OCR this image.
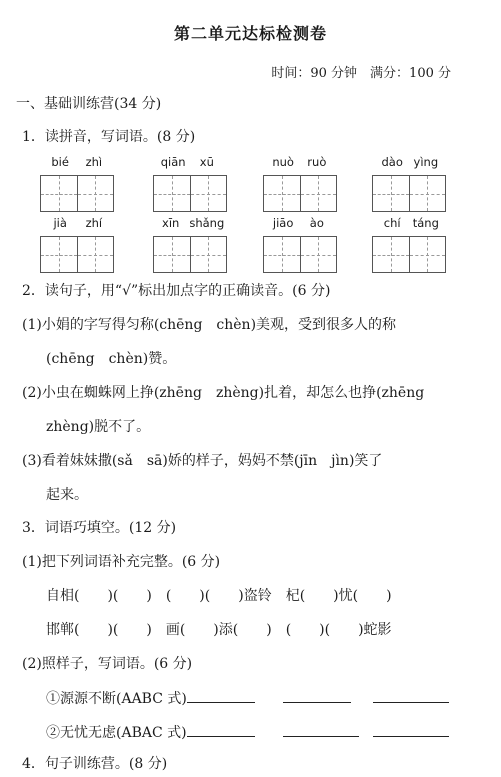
第二单元达标检测卷
时间：90 分钟　满分：100 分
一、基础训练营(34 分)
1．读拼音，写词语。(8 分)
bié zhì	qiān xū	nuò ruò	dào yìng
jià zhí	xīn shǎng	jiāo ào	chí táng
2．读句子，用“√”标出加点字的正确读音。(6 分)
(1)小娟的字写得匀称(chēng　chèn)美观，受到很多人的称
(chēng　chèn)赞。
(2)小虫在蜘蛛网上挣(zhēng　zhèng)扎着，却怎么也挣(zhēng
zhèng)脱不了。
(3)看着妹妹撒(sǎ　sā)娇的样子，妈妈不禁(jīn　jìn)笑了
起来。
3．词语巧填空。(12 分)
(1)把下列词语补充完整。(6 分)
自相(　　)(　　)　(　　)(　　)盗铃　杞(　　)忧(　　)
邯郸(　　)(　　)　画(　　)添(　　)　(　　)(　　)蛇影
(2)照样子，写词语。(6 分)
①源源不断(AABC 式)
②无忧无虑(ABAC 式)
4．句子训练营。(8 分)
